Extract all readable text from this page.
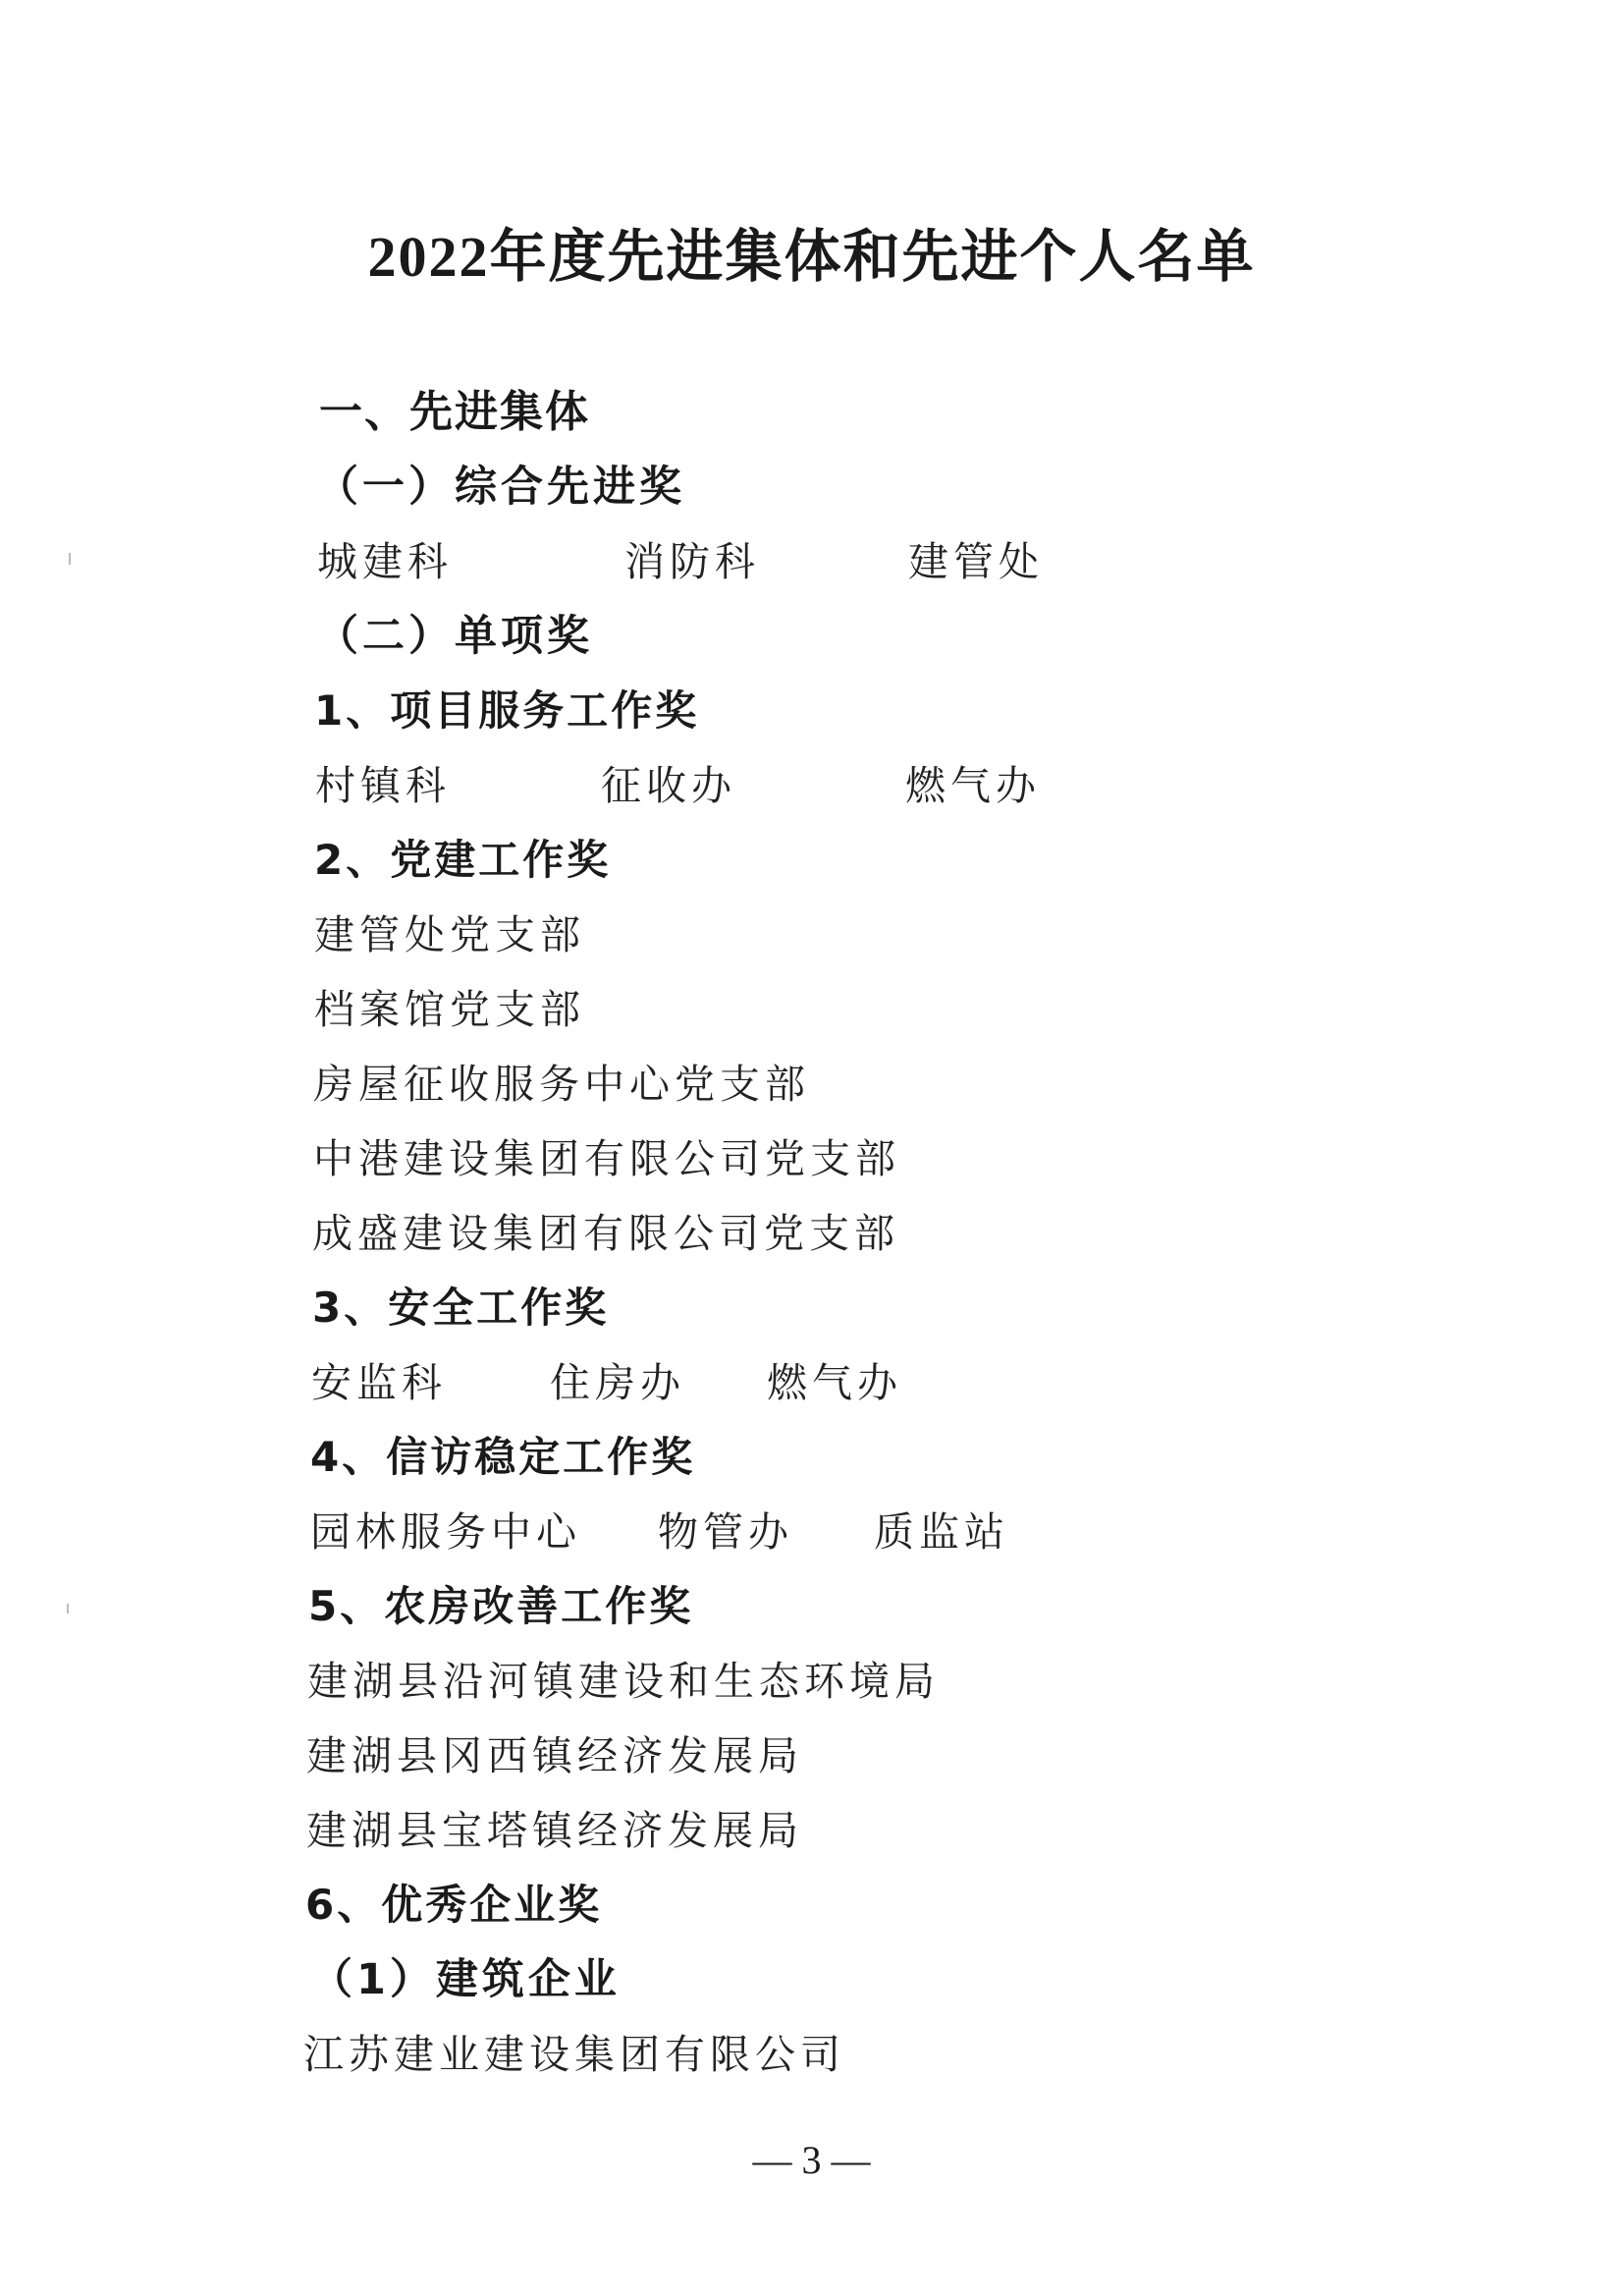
2022年度先进集体和先进个人名单
一、先进集体
（一）综合先进奖
城建科	消防科	建管处
（二）单项奖
1、项目服务工作奖
村镇科	征收办	燃气办
2、党建工作奖
建管处党支部
档案馆党支部
房屋征收服务中心党支部
中港建设集团有限公司党支部
成盛建设集团有限公司党支部
3、安全工作奖
安监科	住房办 燃气办
4、信访稳定工作奖
园林服务中心 物管办 质监站
5、农房改善工作奖
建湖县沿河镇建设和生态环境局
建湖县冈西镇经济发展局
建湖县宝塔镇经济发展局
6、优秀企业奖
（1）建筑企业
江苏建业建设集团有限公司
— 3 —
